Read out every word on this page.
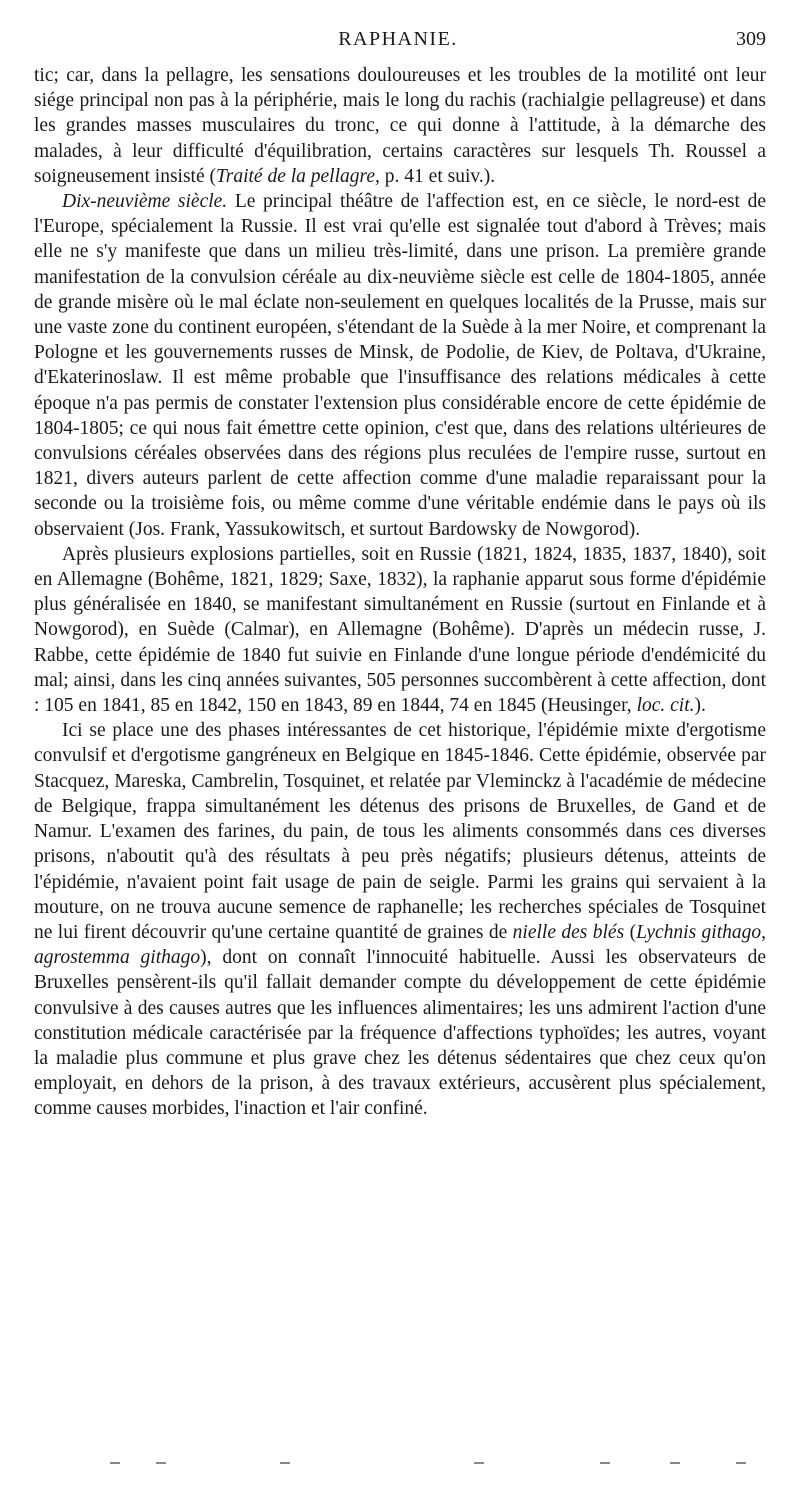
RAPHANIE.	309

tic; car, dans la pellagre, les sensations douloureuses et les troubles de la motilité ont leur siége principal non pas à la périphérie, mais le long du rachis (rachialgie pellagreuse) et dans les grandes masses musculaires du tronc, ce qui donne à l'attitude, à la démarche des malades, à leur difficulté d'équilibration, certains caractères sur lesquels Th. Roussel a soigneusement insisté (Traité de la pellagre, p. 41 et suiv.).

Dix-neuvième siècle. Le principal théâtre de l'affection est, en ce siècle, le nord-est de l'Europe, spécialement la Russie. Il est vrai qu'elle est signalée tout d'abord à Trèves; mais elle ne s'y manifeste que dans un milieu très-limité, dans une prison. La première grande manifestation de la convulsion céréale au dix-neuvième siècle est celle de 1804-1805, année de grande misère où le mal éclate non-seulement en quelques localités de la Prusse, mais sur une vaste zone du continent européen, s'étendant de la Suède à la mer Noire, et comprenant la Pologne et les gouvernements russes de Minsk, de Podolie, de Kiev, de Poltava, d'Ukraine, d'Ekaterinoslaw. Il est même probable que l'insuffisance des relations médicales à cette époque n'a pas permis de constater l'extension plus considérable encore de cette épidémie de 1804-1805; ce qui nous fait émettre cette opinion, c'est que, dans des relations ultérieures de convulsions céréales observées dans des régions plus reculées de l'empire russe, surtout en 1821, divers auteurs parlent de cette affection comme d'une maladie reparaissant pour la seconde ou la troisième fois, ou même comme d'une véritable endémie dans le pays où ils observaient (Jos. Frank, Yassukowitsch, et surtout Bardowsky de Nowgorod).

Après plusieurs explosions partielles, soit en Russie (1821, 1824, 1835, 1837, 1840), soit en Allemagne (Bohême, 1821, 1829; Saxe, 1832), la raphanie apparut sous forme d'épidémie plus généralisée en 1840, se manifestant simultanément en Russie (surtout en Finlande et à Nowgorod), en Suède (Calmar), en Allemagne (Bohême). D'après un médecin russe, J. Rabbe, cette épidémie de 1840 fut suivie en Finlande d'une longue période d'endémicité du mal; ainsi, dans les cinq années suivantes, 505 personnes succombèrent à cette affection, dont : 105 en 1841, 85 en 1842, 150 en 1843, 89 en 1844, 74 en 1845 (Heusinger, loc. cit.).

Ici se place une des phases intéressantes de cet historique, l'épidémie mixte d'ergotisme convulsif et d'ergotisme gangréneux en Belgique en 1845-1846. Cette épidémie, observée par Stacquez, Mareska, Cambrelin, Tosquinet, et relatée par Vleminckz à l'académie de médecine de Belgique, frappa simultanément les détenus des prisons de Bruxelles, de Gand et de Namur. L'examen des farines, du pain, de tous les aliments consommés dans ces diverses prisons, n'aboutit qu'à des résultats à peu près négatifs; plusieurs détenus, atteints de l'épidémie, n'avaient point fait usage de pain de seigle. Parmi les grains qui servaient à la mouture, on ne trouva aucune semence de raphanelle; les recherches spéciales de Tosquinet ne lui firent découvrir qu'une certaine quantité de graines de nielle des blés (Lychnis githago, agrostemma githago), dont on connaît l'innocuité habituelle. Aussi les observateurs de Bruxelles pensèrent-ils qu'il fallait demander compte du développement de cette épidémie convulsive à des causes autres que les influences alimentaires; les uns admirent l'action d'une constitution médicale caractérisée par la fréquence d'affections typhoïdes; les autres, voyant la maladie plus commune et plus grave chez les détenus sédentaires que chez ceux qu'on employait, en dehors de la prison, à des travaux extérieurs, accusèrent plus spécialement, comme causes morbides, l'inaction et l'air confiné.
